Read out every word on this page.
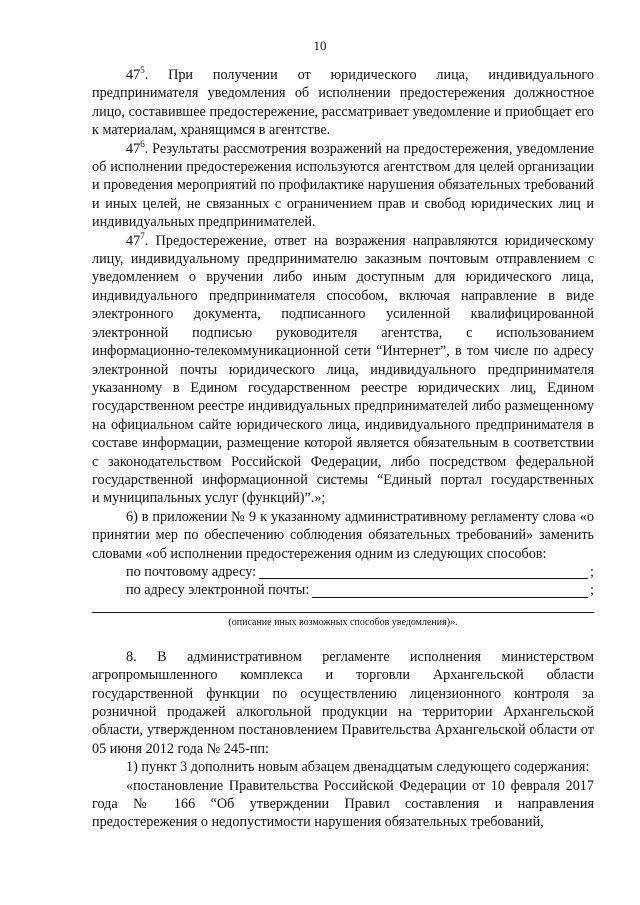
10

$47^5$. При получении от юридического лица, индивидуального предпринимателя уведомления об исполнении предостережения должностное лицо, составившее предостережение, рассматривает уведомление и приобщает его к материалам, хранящимся в агентстве.

$47^6$. Результаты рассмотрения возражений на предостережения, уведомление об исполнении предостережения используются агентством для целей организации и проведения мероприятий по профилактике нарушения обязательных требований и иных целей, не связанных с ограничением прав и свобод юридических лиц и индивидуальных предпринимателей.

$47^7$. Предостережение, ответ на возражения направляются юридическому лицу, индивидуальному предпринимателю заказным почтовым отправлением с уведомлением о вручении либо иным доступным для юридического лица, индивидуального предпринимателя способом, включая направление в виде электронного документа, подписанного усиленной квалифицированной электронной подписью руководителя агентства, с использованием информационно-телекоммуникационной сети “Интернет”, в том числе по адресу электронной почты юридического лица, индивидуального предпринимателя указанному в Едином государственном реестре юридических лиц, Едином государственном реестре индивидуальных предпринимателей либо размещенному на официальном сайте юридического лица, индивидуального предпринимателя в составе информации, размещение которой является обязательным в соответствии с законодательством Российской Федерации, либо посредством федеральной государственной информационной системы “Единый портал государственных

и муниципальных услуг (функций)”.»;

6) в приложении № 9 к указанному административному регламенту слова «о принятии мер по обеспечению соблюдения обязательных требований» заменить словами «об исполнении предостережения одним из следующих способов:

по почтовому адресу:	;
по адресу электронной почты:	;
(описание иных возможных способов уведомления)».

8. В административном регламенте исполнения министерством агропромышленного комплекса и торговли Архангельской области государственной функции по осуществлению лицензионного контроля за розничной продажей алкогольной продукции на территории Архангельской области, утвержденном постановлением Правительства Архангельской области от 05 июня 2012 года № 245-пп:

1) пункт 3 дополнить новым абзацем двенадцатым следующего содержания:

«постановление Правительства Российской Федерации от 10 февраля 2017 года № 166 “Об утверждении Правил составления и направления предостережения о недопустимости нарушения обязательных требований,
